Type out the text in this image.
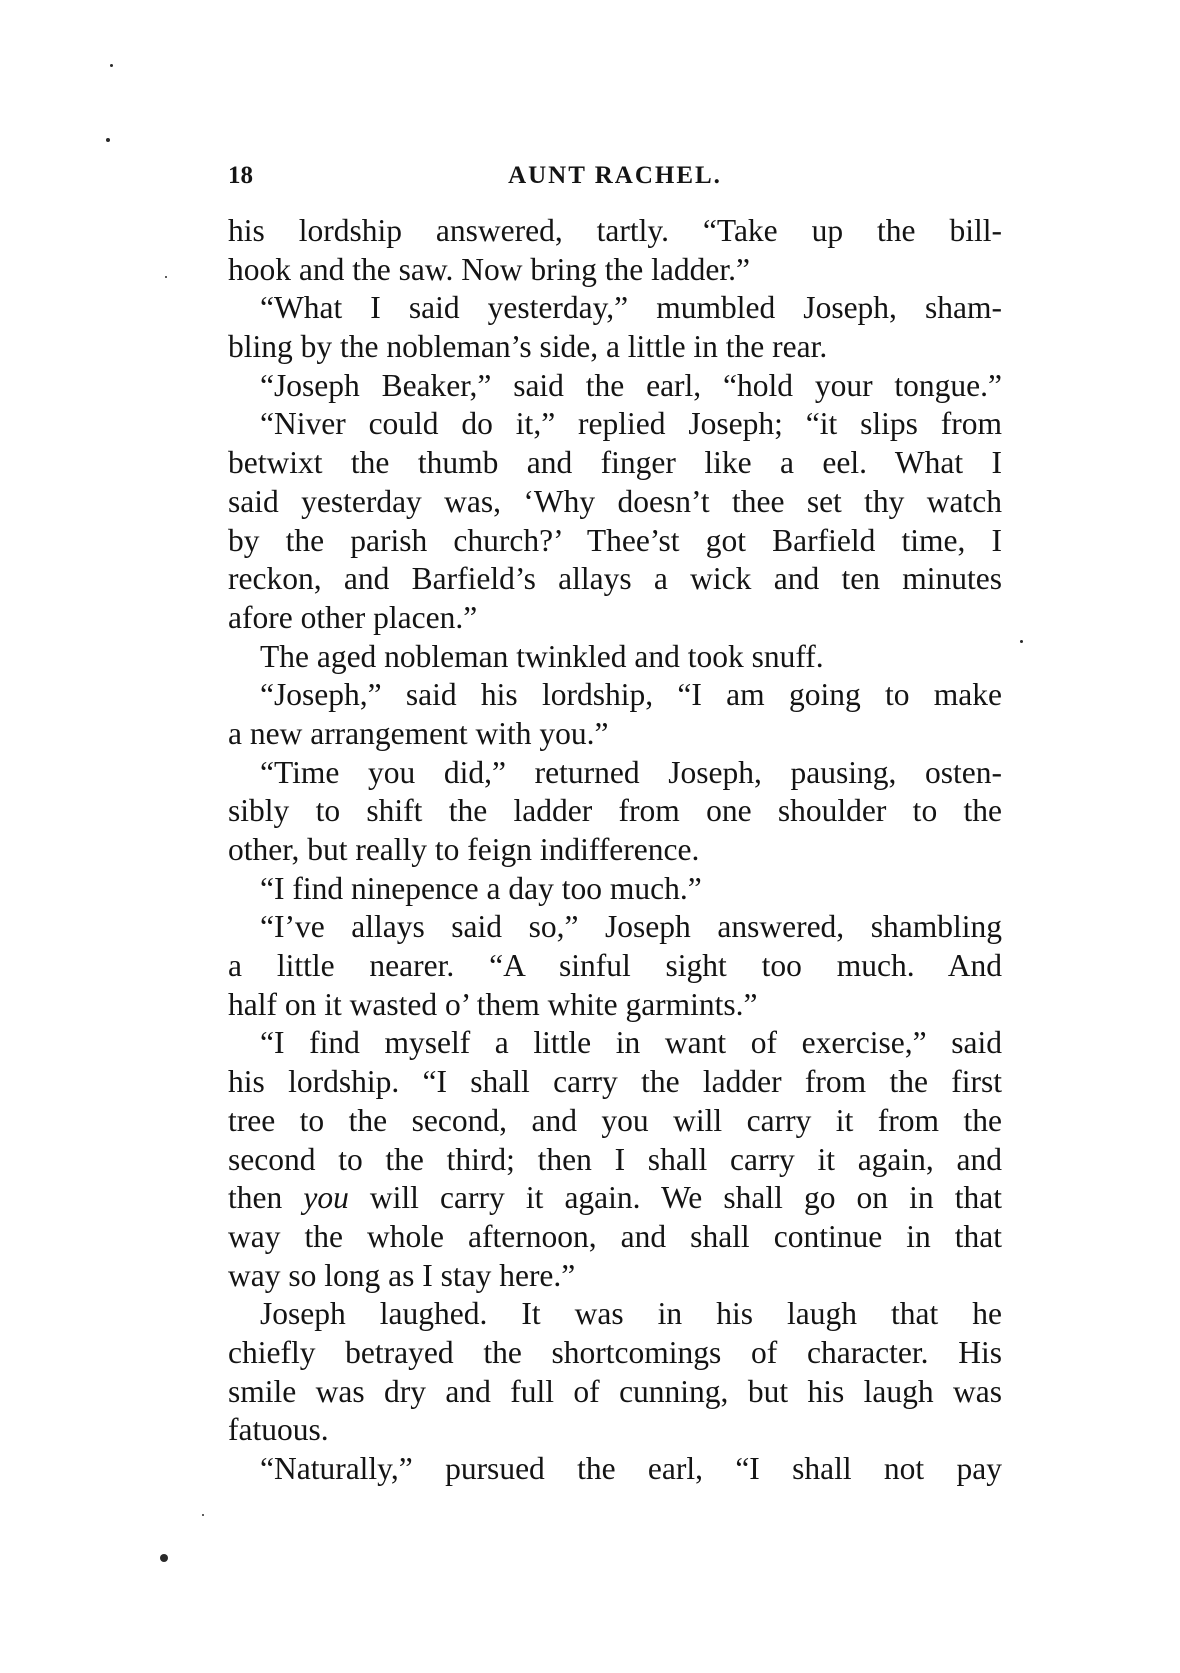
18	AUNT RACHEL.
his lordship answered, tartly. “Take up the bill-
hook and the saw. Now bring the ladder.”
“What I said yesterday,” mumbled Joseph, sham-
bling by the nobleman’s side, a little in the rear.
“Joseph Beaker,” said the earl, “hold your tongue.”
“Niver could do it,” replied Joseph; “it slips from
betwixt the thumb and finger like a eel. What I
said yesterday was, ‘Why doesn’t thee set thy watch
by the parish church?’ Thee’st got Barfield time, I
reckon, and Barfield’s allays a wick and ten minutes
afore other placen.”
The aged nobleman twinkled and took snuff.
“Joseph,” said his lordship, “I am going to make
a new arrangement with you.”
“Time you did,” returned Joseph, pausing, osten-
sibly to shift the ladder from one shoulder to the
other, but really to feign indifference.
“I find ninepence a day too much.”
“I’ve allays said so,” Joseph answered, shambling
a little nearer. “A sinful sight too much. And
half on it wasted o’ them white garmints.”
“I find myself a little in want of exercise,” said
his lordship. “I shall carry the ladder from the first
tree to the second, and you will carry it from the
second to the third; then I shall carry it again, and
then you will carry it again. We shall go on in that
way the whole afternoon, and shall continue in that
way so long as I stay here.”
Joseph laughed. It was in his laugh that he
chiefly betrayed the shortcomings of character. His
smile was dry and full of cunning, but his laugh was
fatuous.
“Naturally,” pursued the earl, “I shall not pay
